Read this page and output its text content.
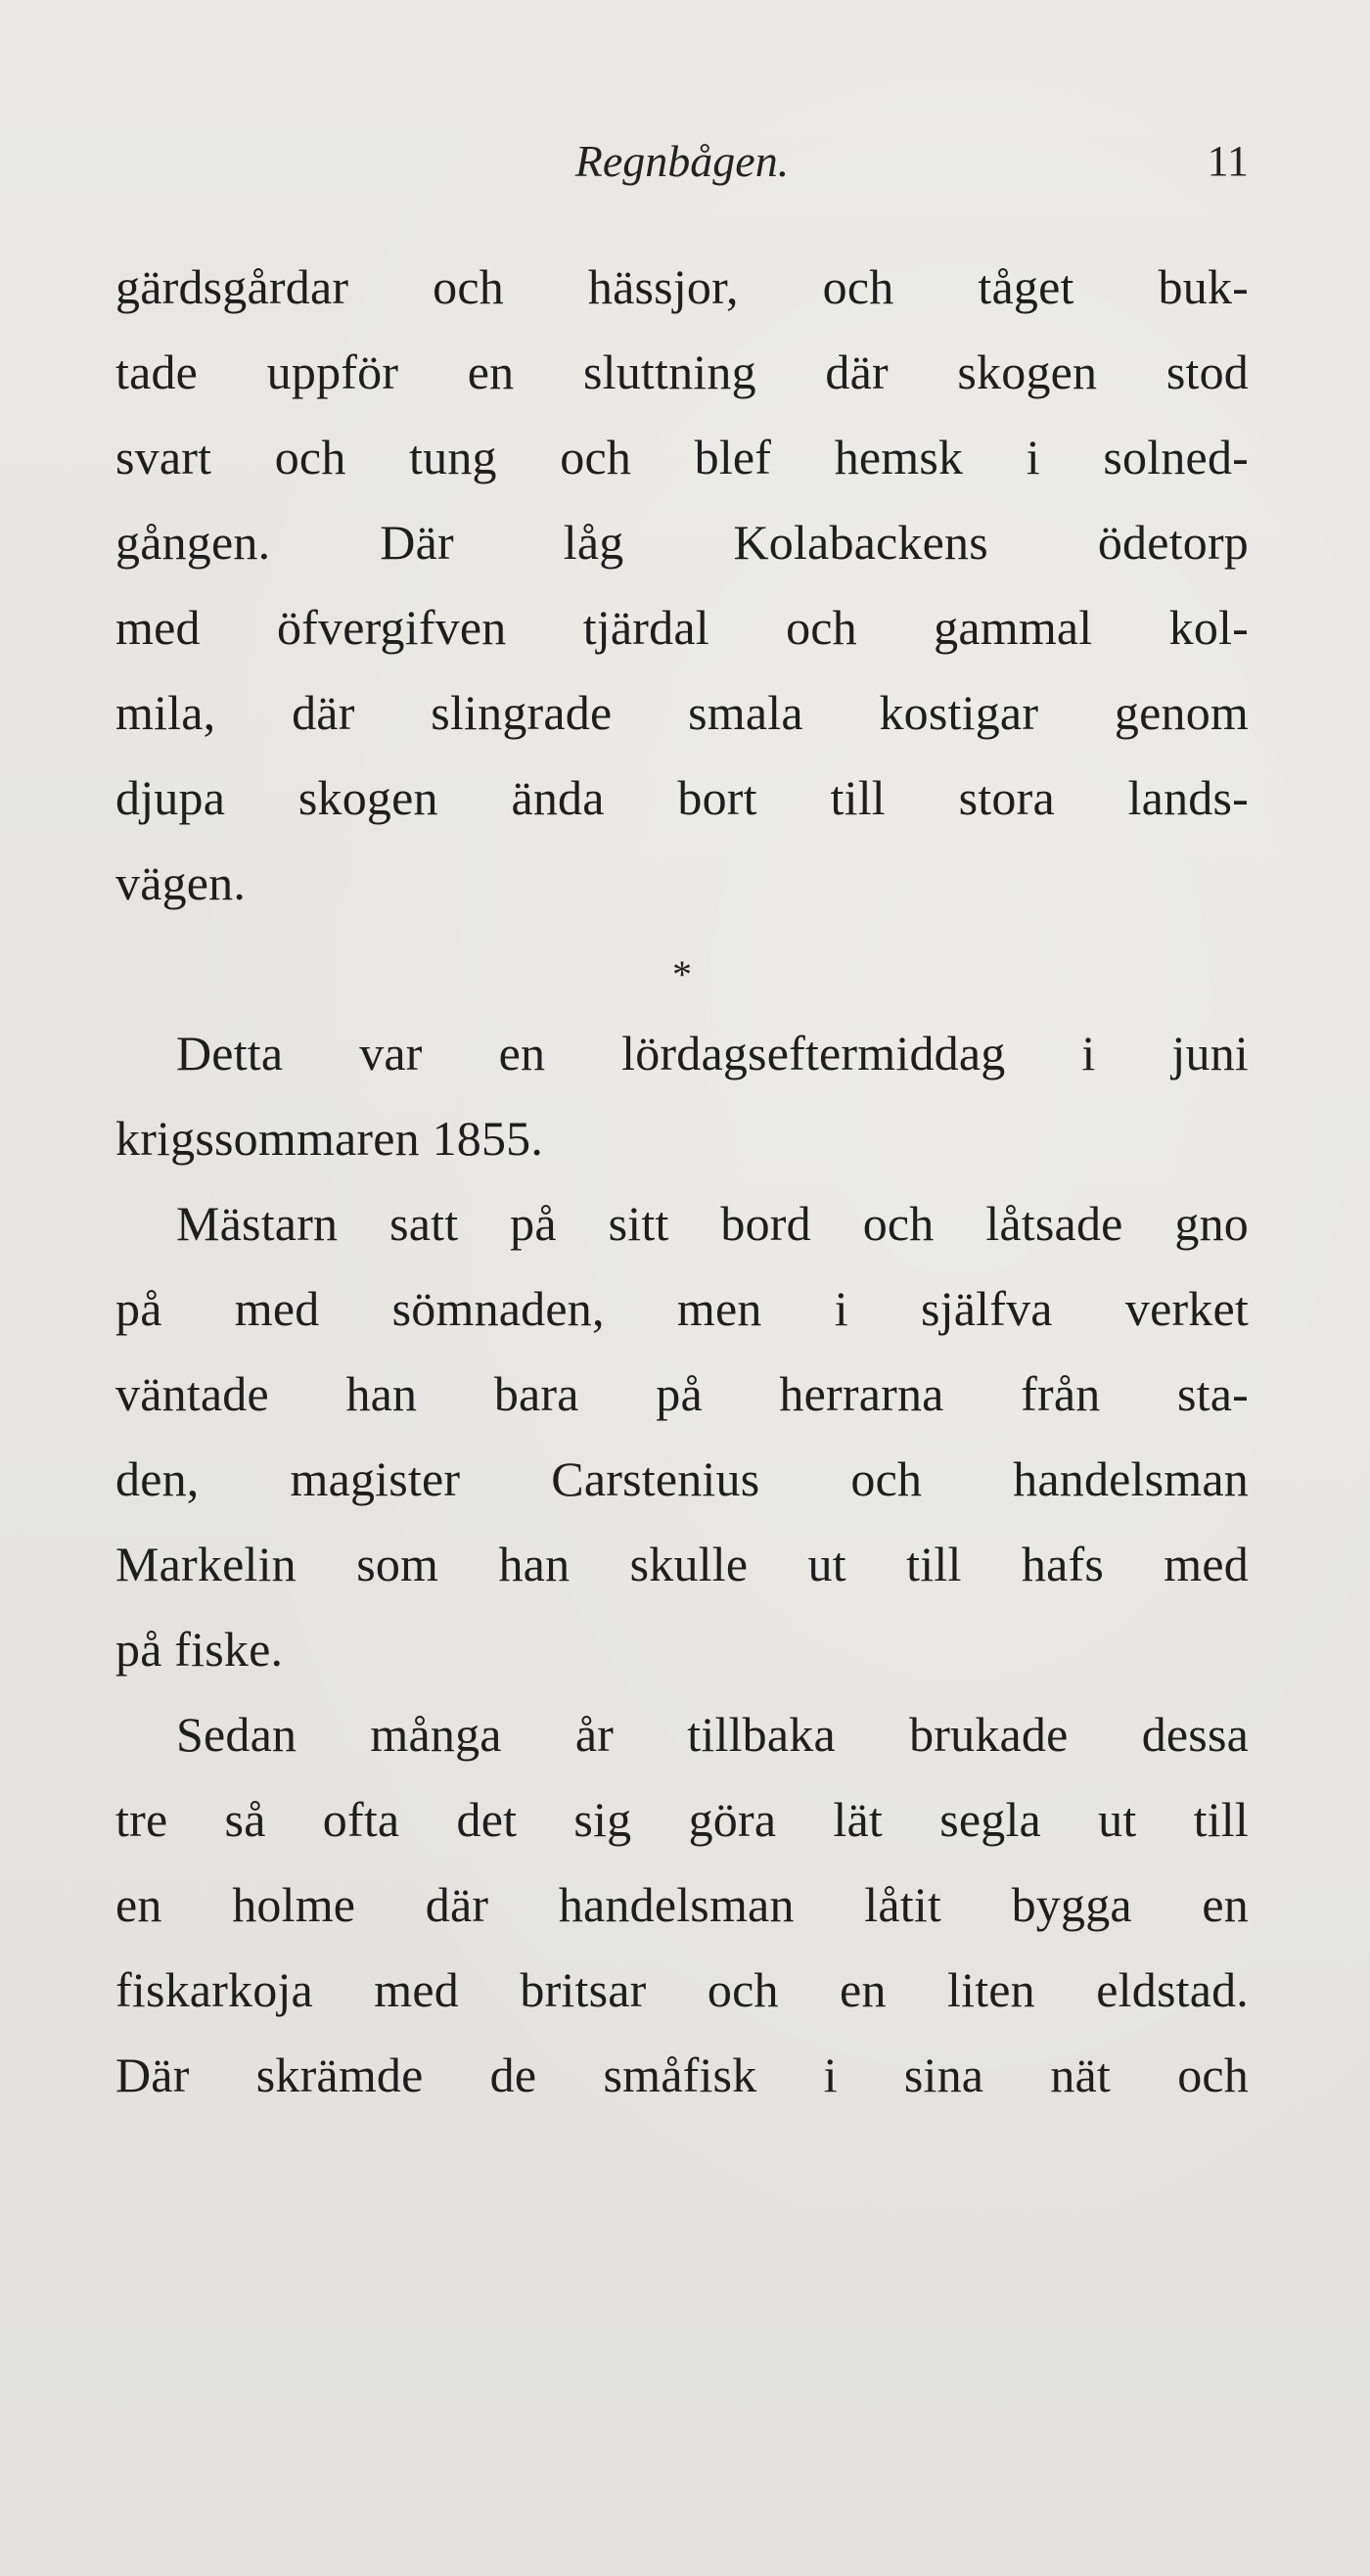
Regnbågen.	11
gärdsgårdar och hässjor, och tåget buk-
tade uppför en sluttning där skogen stod
svart och tung och blef hemsk i solned-
gången. Där låg Kolabackens ödetorp
med öfvergifven tjärdal och gammal kol-
mila, där slingrade smala kostigar genom
djupa skogen ända bort till stora lands-
vägen.
*
Detta var en lördagseftermiddag i juni
krigssommaren 1855.
Mästarn satt på sitt bord och låtsade gno
på med sömnaden, men i själfva verket
väntade han bara på herrarna från sta-
den, magister Carstenius och handelsman
Markelin som han skulle ut till hafs med
på fiske.
Sedan många år tillbaka brukade dessa
tre så ofta det sig göra lät segla ut till
en holme där handelsman låtit bygga en
fiskarkoja med britsar och en liten eldstad.
Där skrämde de småfisk i sina nät och
